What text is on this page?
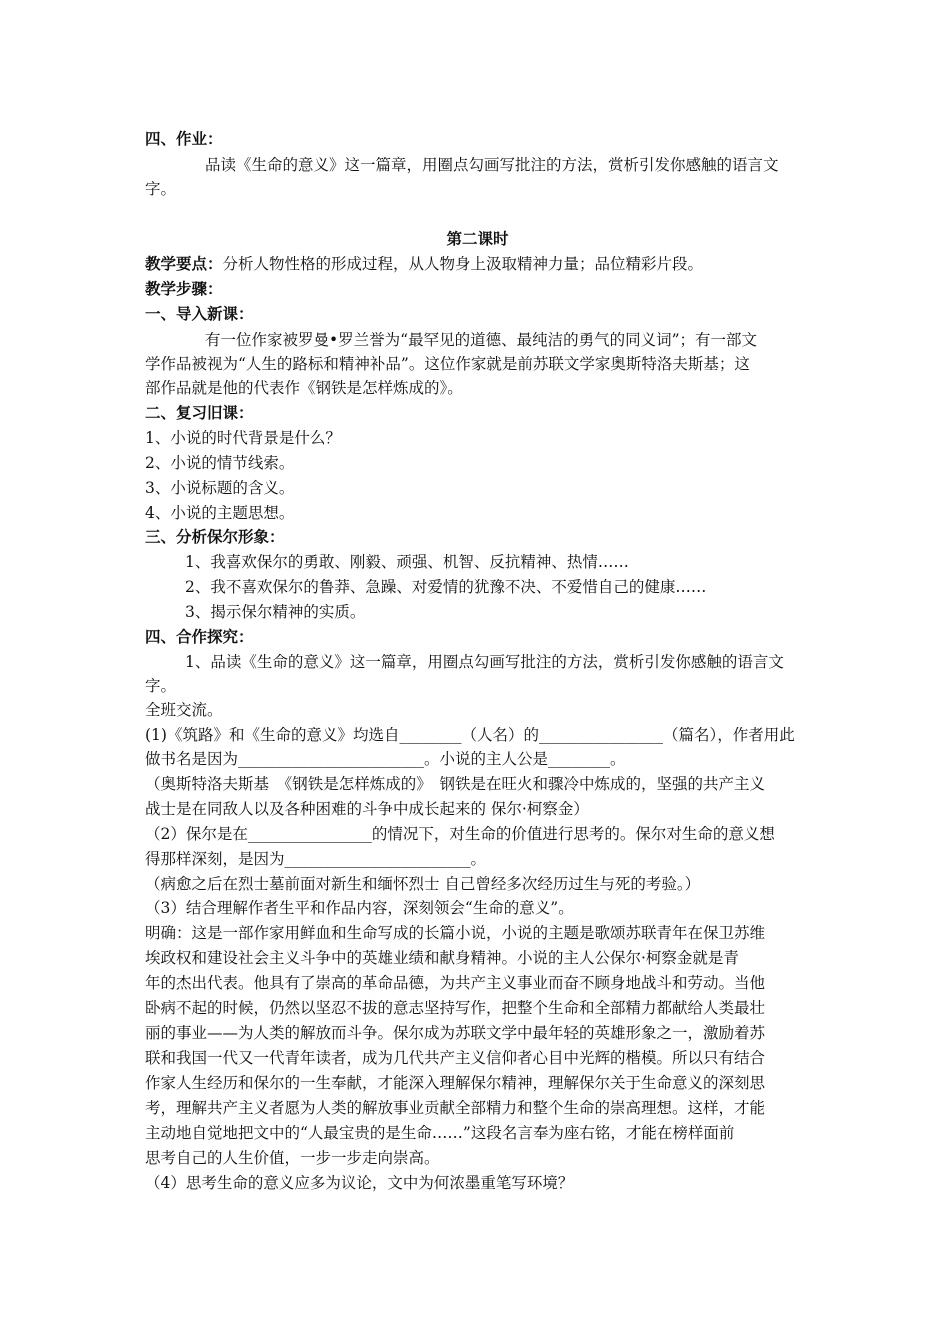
四、作业：
品读《生命的意义》这一篇章，用圈点勾画写批注的方法，赏析引发你感触的语言文
字。
第二课时
教学要点：分析人物性格的形成过程，从人物身上汲取精神力量；品位精彩片段。
教学步骤：
一、导入新课：
有一位作家被罗曼•罗兰誉为“最罕见的道德、最纯洁的勇气的同义词”；有一部文
学作品被视为“人生的路标和精神补品”。这位作家就是前苏联文学家奥斯特洛夫斯基；这
部作品就是他的代表作《钢铁是怎样炼成的》。
二、复习旧课：
1、小说的时代背景是什么？
2、小说的情节线索。
3、小说标题的含义。
4、小说的主题思想。
三、分析保尔形象：
1、我喜欢保尔的勇敢、刚毅、顽强、机智、反抗精神、热情……
2、我不喜欢保尔的鲁莽、急躁、对爱情的犹豫不决、不爱惜自己的健康……
3、揭示保尔精神的实质。
四、合作探究：
1、品读《生命的意义》这一篇章，用圈点勾画写批注的方法，赏析引发你感触的语言文
字。
全班交流。
(1)《筑路》和《生命的意义》均选自________（人名）的________________（篇名），作者用此
做书名是因为________________________。小说的主人公是________。
（奥斯特洛夫斯基　《钢铁是怎样炼成的》　钢铁是在旺火和骤冷中炼成的，坚强的共产主义
战士是在同敌人以及各种困难的斗争中成长起来的 保尔·柯察金）
（2）保尔是在________________的情况下，对生命的价值进行思考的。保尔对生命的意义想
得那样深刻，是因为________________________。
（病愈之后在烈士墓前面对新生和缅怀烈士 自己曾经多次经历过生与死的考验。）
（3）结合理解作者生平和作品内容，深刻领会“生命的意义”。
明确：这是一部作家用鲜血和生命写成的长篇小说，小说的主题是歌颂苏联青年在保卫苏维
埃政权和建设社会主义斗争中的英雄业绩和献身精神。小说的主人公保尔·柯察金就是青
年的杰出代表。他具有了崇高的革命品德，为共产主义事业而奋不顾身地战斗和劳动。当他
卧病不起的时候，仍然以坚忍不拔的意志坚持写作，把整个生命和全部精力都献给人类最壮
丽的事业——为人类的解放而斗争。保尔成为苏联文学中最年轻的英雄形象之一，激励着苏
联和我国一代又一代青年读者，成为几代共产主义信仰者心目中光辉的楷模。所以只有结合
作家人生经历和保尔的一生奉献，才能深入理解保尔精神，理解保尔关于生命意义的深刻思
考，理解共产主义者愿为人类的解放事业贡献全部精力和整个生命的崇高理想。这样，才能
主动地自觉地把文中的“人最宝贵的是生命……”这段名言奉为座右铭，才能在榜样面前
思考自己的人生价值，一步一步走向崇高。
（4）思考生命的意义应多为议论，文中为何浓墨重笔写环境？
